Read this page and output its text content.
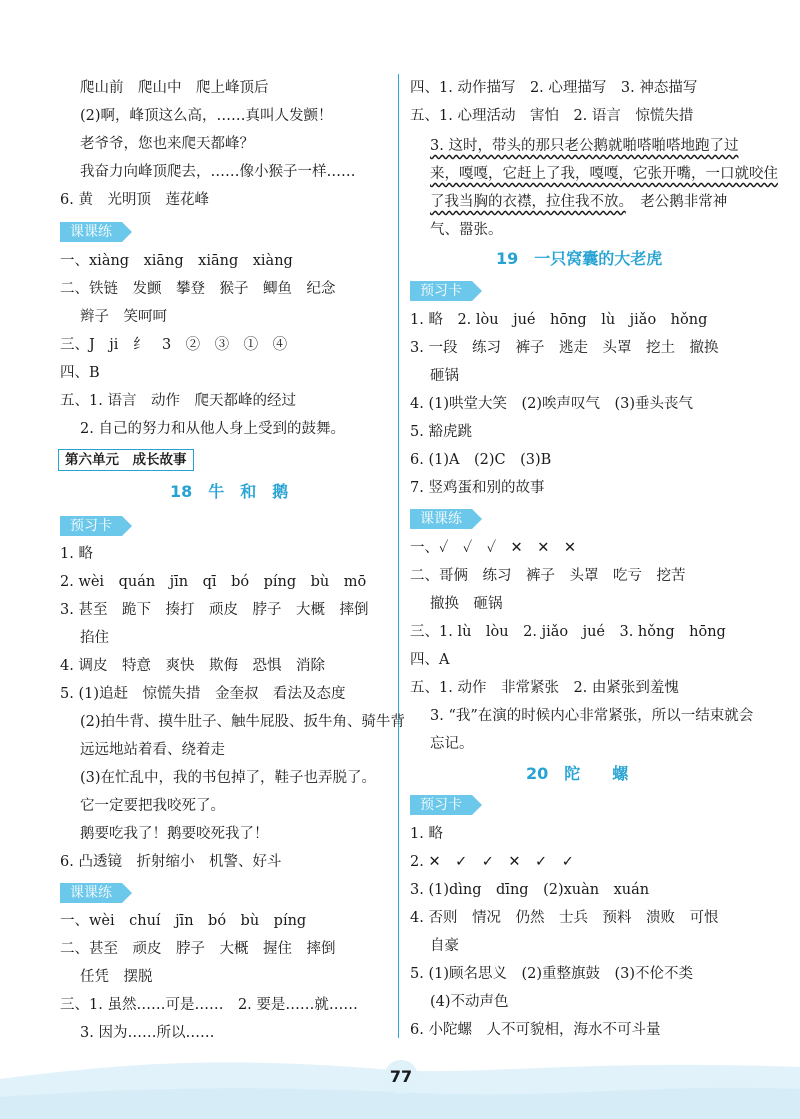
爬山前　爬山中　爬上峰顶后
(2)啊，峰顶这么高，……真叫人发颤！
老爷爷，您也来爬天都峰？
我奋力向峰顶爬去，……像小猴子一样……
6. 黄　光明顶　莲花峰
课课练
一、xiàng　xiāng　xiāng　xiàng
二、铁链　发颤　攀登　猴子　鲫鱼　纪念
辫子　笑呵呵
三、J　ji　纟　3　②　③　①　④
四、B
五、1. 语言　动作　爬天都峰的经过
2. 自己的努力和从他人身上受到的鼓舞。
第六单元　成长故事
18　牛　和　鹅
预习卡
1. 略
2. wèi　quán　jīn　qī　bó　píng　bù　mō
3. 甚至　跪下　揍打　顽皮　脖子　大概　摔倒
掐住
4. 调皮　特意　爽快　欺侮　恐惧　消除
5. (1)追赶　惊慌失措　金奎叔　看法及态度
(2)拍牛背、摸牛肚子、触牛屁股、扳牛角、骑牛背
远远地站着看、绕着走
(3)在忙乱中，我的书包掉了，鞋子也弄脱了。
它一定要把我咬死了。
鹅要吃我了！鹅要咬死我了！
6. 凸透镜　折射缩小　机警、好斗
课课练
一、wèi　chuí　jīn　bó　bù　píng
二、甚至　顽皮　脖子　大概　握住　摔倒
任凭　摆脱
三、1. 虽然……可是……　2. 要是……就……
3. 因为……所以……
四、1. 动作描写　2. 心理描写　3. 神态描写
五、1. 心理活动　害怕　2. 语言　惊慌失措
3. 这时，带头的那只老公鹅就啪嗒啪嗒地跑了过
来，嘎嘎，它赶上了我，嘎嘎，它张开嘴，一口就咬住
了我当胸的衣襟，拉住我不放。　老公鹅非常神
气、嚣张。
19　一只窝囊的大老虎
预习卡
1. 略　2. lòu　jué　hōng　lù　jiǎo　hǒng
3. 一段　练习　裤子　逃走　头罩　挖土　撤换
砸锅
4. (1)哄堂大笑　(2)唉声叹气　(3)垂头丧气
5. 豁虎跳
6. (1)A　(2)C　(3)B
7. 竖鸡蛋和别的故事
课课练
一、✓　✓　✓　✕　✕　✕
二、哥俩　练习　裤子　头罩　吃亏　挖苦
撤换　砸锅
三、1. lù　lòu　2. jiǎo　jué　3. hǒng　hōng
四、A
五、1. 动作　非常紧张　2. 由紧张到羞愧
3. “我”在演的时候内心非常紧张，所以一结束就会
忘记。
20　陀　　螺
预习卡
1. 略
2. ✕　✓　✓　✕　✓　✓
3. (1)dìng　dīng　(2)xuàn　xuán
4. 否则　情况　仍然　士兵　预料　溃败　可恨
自豪
5. (1)顾名思义　(2)重整旗鼓　(3)不伦不类
(4)不动声色
6. 小陀螺　人不可貌相，海水不可斗量
77
